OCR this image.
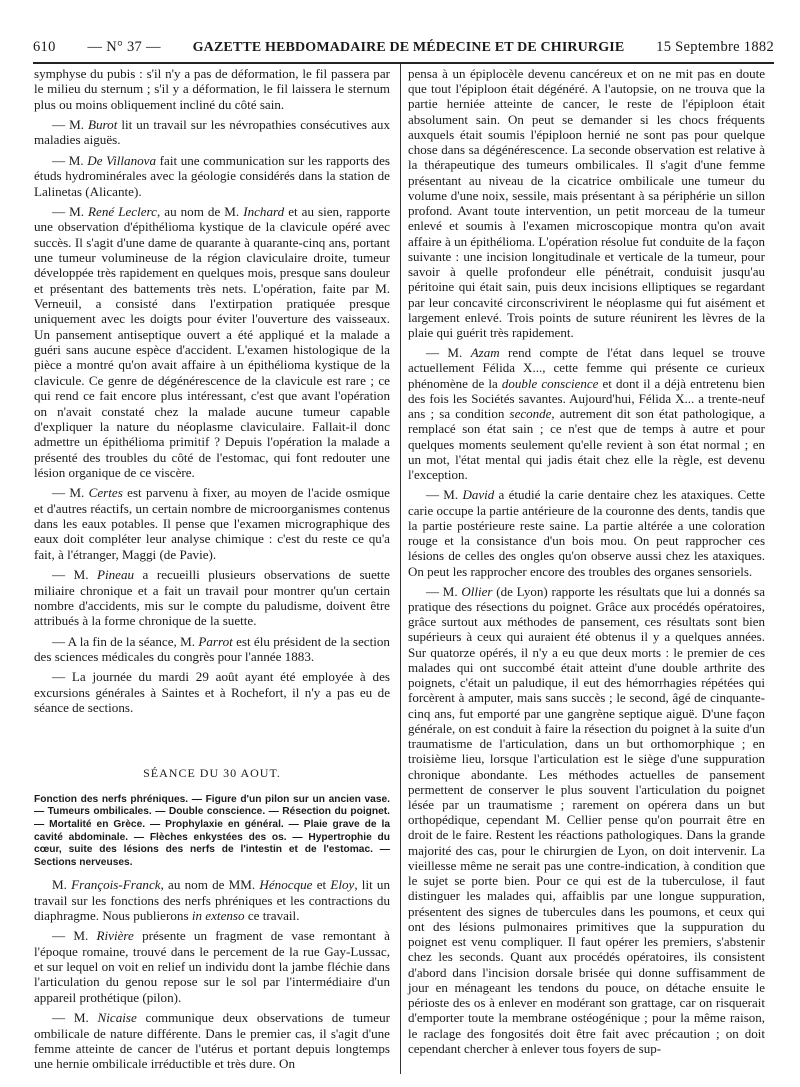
610 — N° 37 — GAZETTE HEBDOMADAIRE DE MÉDECINE ET DE CHIRURGIE 15 Septembre 1882

symphyse du pubis : s'il n'y a pas de déformation, le fil passera par le milieu du sternum ; s'il y a déformation, le fil laissera le sternum plus ou moins obliquement incliné du côté sain.

— M. Burot lit un travail sur les névropathies consécutives aux maladies aiguës.

— M. De Villanova fait une communication sur les rapports des étuds hydrominérales avec la géologie considérés dans la station de Lalinetas (Alicante).

— M. René Leclerc, au nom de M. Inchard et au sien, rapporte une observation d'épithélioma kystique de la clavicule opéré avec succès. Il s'agit d'une dame de quarante à quarante-cinq ans, portant une tumeur volumineuse de la région claviculaire droite, tumeur développée très rapidement en quelques mois, presque sans douleur et présentant des battements très nets. L'opération, faite par M. Verneuil, a consisté dans l'extirpation pratiquée presque uniquement avec les doigts pour éviter l'ouverture des vaisseaux. Un pansement antiseptique ouvert a été appliqué et la malade a guéri sans aucune espèce d'accident. L'examen histologique de la pièce a montré qu'on avait affaire à un épithélioma kystique de la clavicule. Ce genre de dégénérescence de la clavicule est rare ; ce qui rend ce fait encore plus intéressant, c'est que avant l'opération on n'avait constaté chez la malade aucune tumeur capable d'expliquer la nature du néoplasme claviculaire. Fallait-il donc admettre un épithélioma primitif ? Depuis l'opération la malade a présenté des troubles du côté de l'estomac, qui font redouter une lésion organique de ce viscère.

— M. Certes est parvenu à fixer, au moyen de l'acide osmique et d'autres réactifs, un certain nombre de microorganismes contenus dans les eaux potables. Il pense que l'examen micrographique des eaux doit compléter leur analyse chimique : c'est du reste ce qu'a fait, à l'étranger, Maggi (de Pavie).

— M. Pineau a recueilli plusieurs observations de suette miliaire chronique et a fait un travail pour montrer qu'un certain nombre d'accidents, mis sur le compte du paludisme, doivent être attribués à la forme chronique de la suette.

— A la fin de la séance, M. Parrot est élu président de la section des sciences médicales du congrès pour l'année 1883.

— La journée du mardi 29 août ayant été employée à des excursions générales à Saintes et à Rochefort, il n'y a pas eu de séance de sections.

SÉANCE DU 30 AOUT.

Fonction des nerfs phréniques. — Figure d'un pilon sur un ancien vase. — Tumeurs ombilicales. — Double conscience. — Résection du poignet. — Mortalité en Grèce. — Prophylaxie en général. — Plaie grave de la cavité abdominale. — Flèches enkystées des os. — Hypertrophie du cœur, suite des lésions des nerfs de l'intestin et de l'estomac. — Sections nerveuses.

M. François-Franck, au nom de MM. Hénocque et Eloy, lit un travail sur les fonctions des nerfs phréniques et les contractions du diaphragme. Nous publierons in extenso ce travail.

— M. Rivière présente un fragment de vase remontant à l'époque romaine, trouvé dans le percement de la rue Gay-Lussac, et sur lequel on voit en relief un individu dont la jambe fléchie dans l'articulation du genou repose sur le sol par l'intermédiaire d'un appareil prothétique (pilon).

— M. Nicaise communique deux observations de tumeur ombilicale de nature différente. Dans le premier cas, il s'agit d'une femme atteinte de cancer de l'utérus et portant depuis longtemps une hernie ombilicale irréductible et très dure. On

pensa à un épiplocèle devenu cancéreux et on ne mit pas en doute que tout l'épiploon était dégénéré. A l'autopsie, on ne trouva que la partie herniée atteinte de cancer, le reste de l'épiploon était absolument sain. On peut se demander si les chocs fréquents auxquels était soumis l'épiploon hernié ne sont pas pour quelque chose dans sa dégénérescence. La seconde observation est relative à la thérapeutique des tumeurs ombilicales. Il s'agit d'une femme présentant au niveau de la cicatrice ombilicale une tumeur du volume d'une noix, sessile, mais présentant à sa périphérie un sillon profond. Avant toute intervention, un petit morceau de la tumeur enlevé et soumis à l'examen microscopique montra qu'on avait affaire à un épithélioma. L'opération résolue fut conduite de la façon suivante : une incision longitudinale et verticale de la tumeur, pour savoir à quelle profondeur elle pénétrait, conduisit jusqu'au péritoine qui était sain, puis deux incisions elliptiques se regardant par leur concavité circonscrivirent le néoplasme qui fut aisément et largement enlevé. Trois points de suture réunirent les lèvres de la plaie qui guérit très rapidement.

— M. Azam rend compte de l'état dans lequel se trouve actuellement Félida X..., cette femme qui présente ce curieux phénomène de la double conscience et dont il a déjà entretenu bien des fois les Sociétés savantes. Aujourd'hui, Félida X... a trente-neuf ans ; sa condition seconde, autrement dit son état pathologique, a remplacé son état sain ; ce n'est que de temps à autre et pour quelques moments seulement qu'elle revient à son état normal ; en un mot, l'état mental qui jadis était chez elle la règle, est devenu l'exception.

— M. David a étudié la carie dentaire chez les ataxiques. Cette carie occupe la partie antérieure de la couronne des dents, tandis que la partie postérieure reste saine. La partie altérée a une coloration rouge et la consistance d'un bois mou. On peut rapprocher ces lésions de celles des ongles qu'on observe aussi chez les ataxiques. On peut les rapprocher encore des troubles des organes sensoriels.

— M. Ollier (de Lyon) rapporte les résultats que lui a donnés sa pratique des résections du poignet. Grâce aux procédés opératoires, grâce surtout aux méthodes de pansement, ces résultats sont bien supérieurs à ceux qui auraient été obtenus il y a quelques années. Sur quatorze opérés, il n'y a eu que deux morts : le premier de ces malades qui ont succombé était atteint d'une double arthrite des poignets, c'était un paludique, il eut des hémorrhagies répétées qui forcèrent à amputer, mais sans succès ; le second, âgé de cinquante-cinq ans, fut emporté par une gangrène septique aiguë. D'une façon générale, on est conduit à faire la résection du poignet à la suite d'un traumatisme de l'articulation, dans un but orthomorphique ; en troisième lieu, lorsque l'articulation est le siège d'une suppuration chronique abondante. Les méthodes actuelles de pansement permettent de conserver le plus souvent l'articulation du poignet lésée par un traumatisme ; rarement on opérera dans un but orthopédique, cependant M. Cellier pense qu'on pourrait être en droit de le faire. Restent les réactions pathologiques. Dans la grande majorité des cas, pour le chirurgien de Lyon, on doit intervenir. La vieillesse même ne serait pas une contre-indication, à condition que le sujet se porte bien. Pour ce qui est de la tuberculose, il faut distinguer les malades qui, affaiblis par une longue suppuration, présentent des signes de tubercules dans les poumons, et ceux qui ont des lésions pulmonaires primitives que la suppuration du poignet est venu compliquer. Il faut opérer les premiers, s'abstenir chez les seconds. Quant aux procédés opératoires, ils consistent d'abord dans l'incision dorsale brisée qui donne suffisamment de jour en ménageant les tendons du pouce, on détache ensuite le périoste des os à enlever en modérant son grattage, car on risquerait d'emporter toute la membrane ostéogénique ; pour la même raison, le raclage des fongosités doit être fait avec précaution ; on doit cependant chercher à enlever tous foyers de sup-
